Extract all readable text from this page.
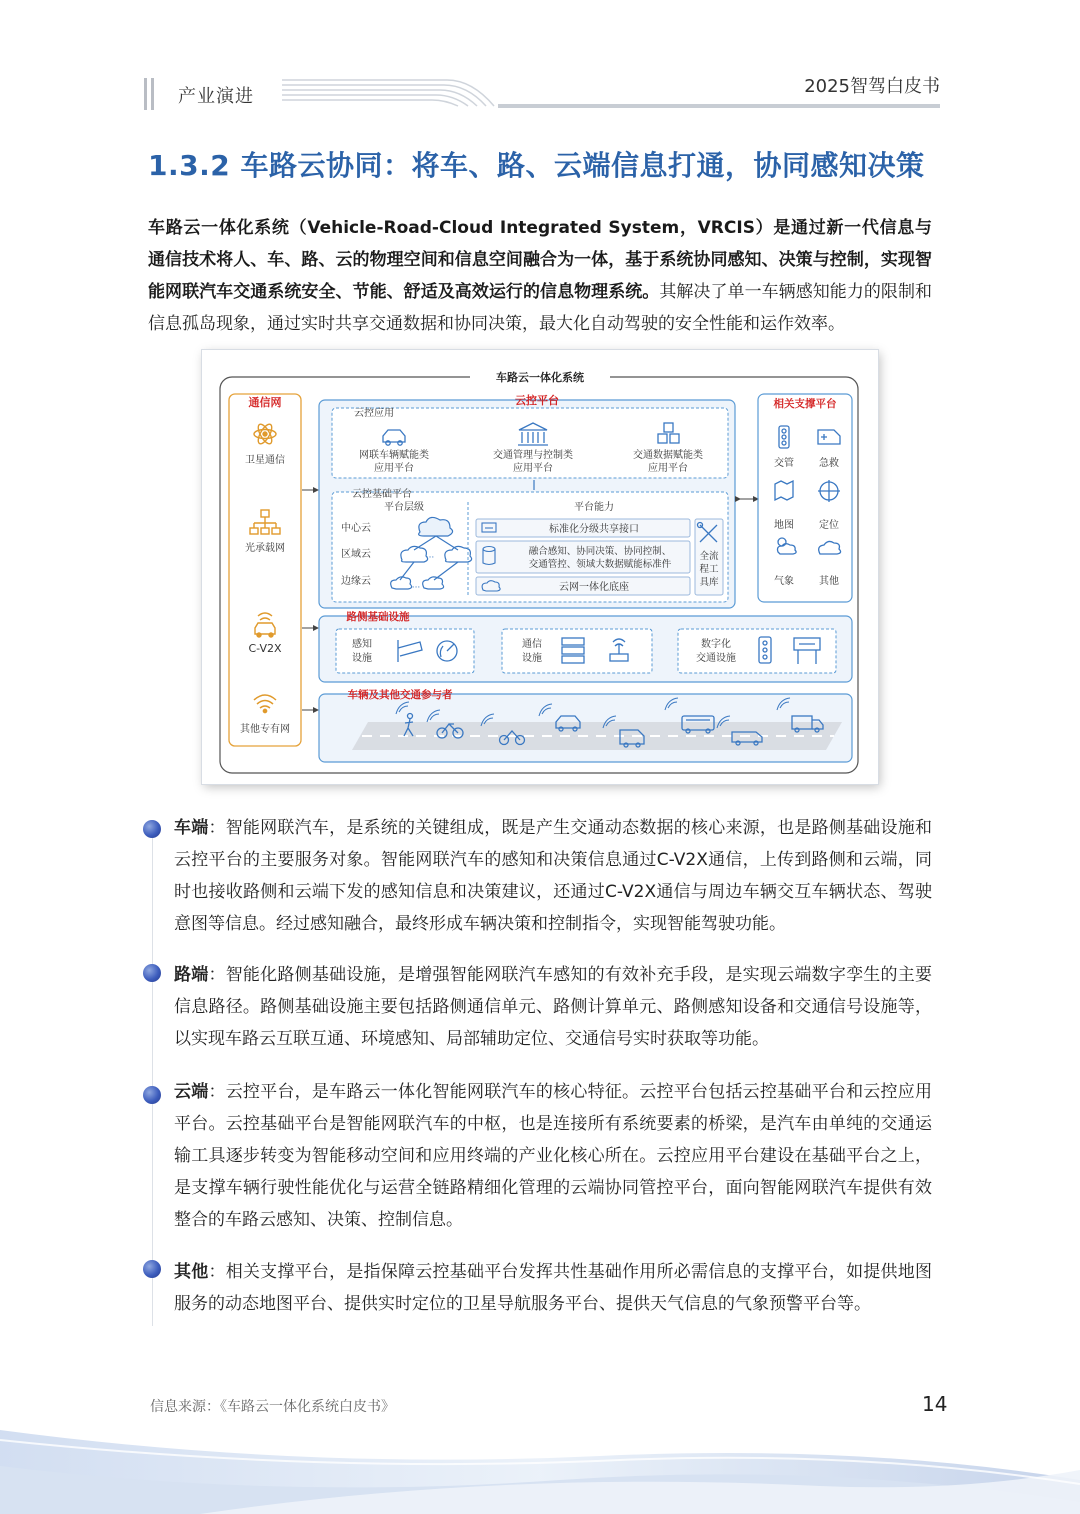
产业演进	2025智驾白皮书
1.3.2 车路云协同：将车、路、云端信息打通，协同感知决策

车路云一体化系统（Vehicle-Road-Cloud Integrated System，VRCIS）是通过新一代信息与通信技术将人、车、路、云的物理空间和信息空间融合为一体，基于系统协同感知、决策与控制，实现智能网联汽车交通系统安全、节能、舒适及高效运行的信息物理系统。其解决了单一车辆感知能力的限制和信息孤岛现象，通过实时共享交通数据和协同决策，最大化自动驾驶的安全性能和运作效率。

车路云一体化系统
通信网
卫星通信
光承载网
C-V2X
其他专有网
云控平台
云控应用
网联车辆赋能类
应用平台
交通管理与控制类
应用平台
交通数据赋能类
应用平台
云控基础平台
平台层级
中心云
区域云
边缘云
···
···
平台能力
标准化分级共享接口
融合感知、协同决策、协同控制、
交通管控、领域大数据赋能标准件
云网一体化底座
全流
程工
具库
相关支撑平台
交管	急救
地图	定位
气象	其他
路侧基础设施
感知
设施
通信
设施
数字化
交通设施
车辆及其他交通参与者

车端：智能网联汽车，是系统的关键组成，既是产生交通动态数据的核心来源，也是路侧基础设施和云控平台的主要服务对象。智能网联汽车的感知和决策信息通过C-V2X通信，上传到路侧和云端，同时也接收路侧和云端下发的感知信息和决策建议，还通过C-V2X通信与周边车辆交互车辆状态、驾驶意图等信息。经过感知融合，最终形成车辆决策和控制指令，实现智能驾驶功能。

路端：智能化路侧基础设施，是增强智能网联汽车感知的有效补充手段，是实现云端数字孪生的主要信息路径。路侧基础设施主要包括路侧通信单元、路侧计算单元、路侧感知设备和交通信号设施等，以实现车路云互联互通、环境感知、局部辅助定位、交通信号实时获取等功能。

云端：云控平台，是车路云一体化智能网联汽车的核心特征。云控平台包括云控基础平台和云控应用平台。云控基础平台是智能网联汽车的中枢，也是连接所有系统要素的桥梁，是汽车由单纯的交通运输工具逐步转变为智能移动空间和应用终端的产业化核心所在。云控应用平台建设在基础平台之上，是支撑车辆行驶性能优化与运营全链路精细化管理的云端协同管控平台，面向智能网联汽车提供有效整合的车路云感知、决策、控制信息。

其他：相关支撑平台，是指保障云控基础平台发挥共性基础作用所必需信息的支撑平台，如提供地图服务的动态地图平台、提供实时定位的卫星导航服务平台、提供天气信息的气象预警平台等。

信息来源：《车路云一体化系统白皮书》	14
